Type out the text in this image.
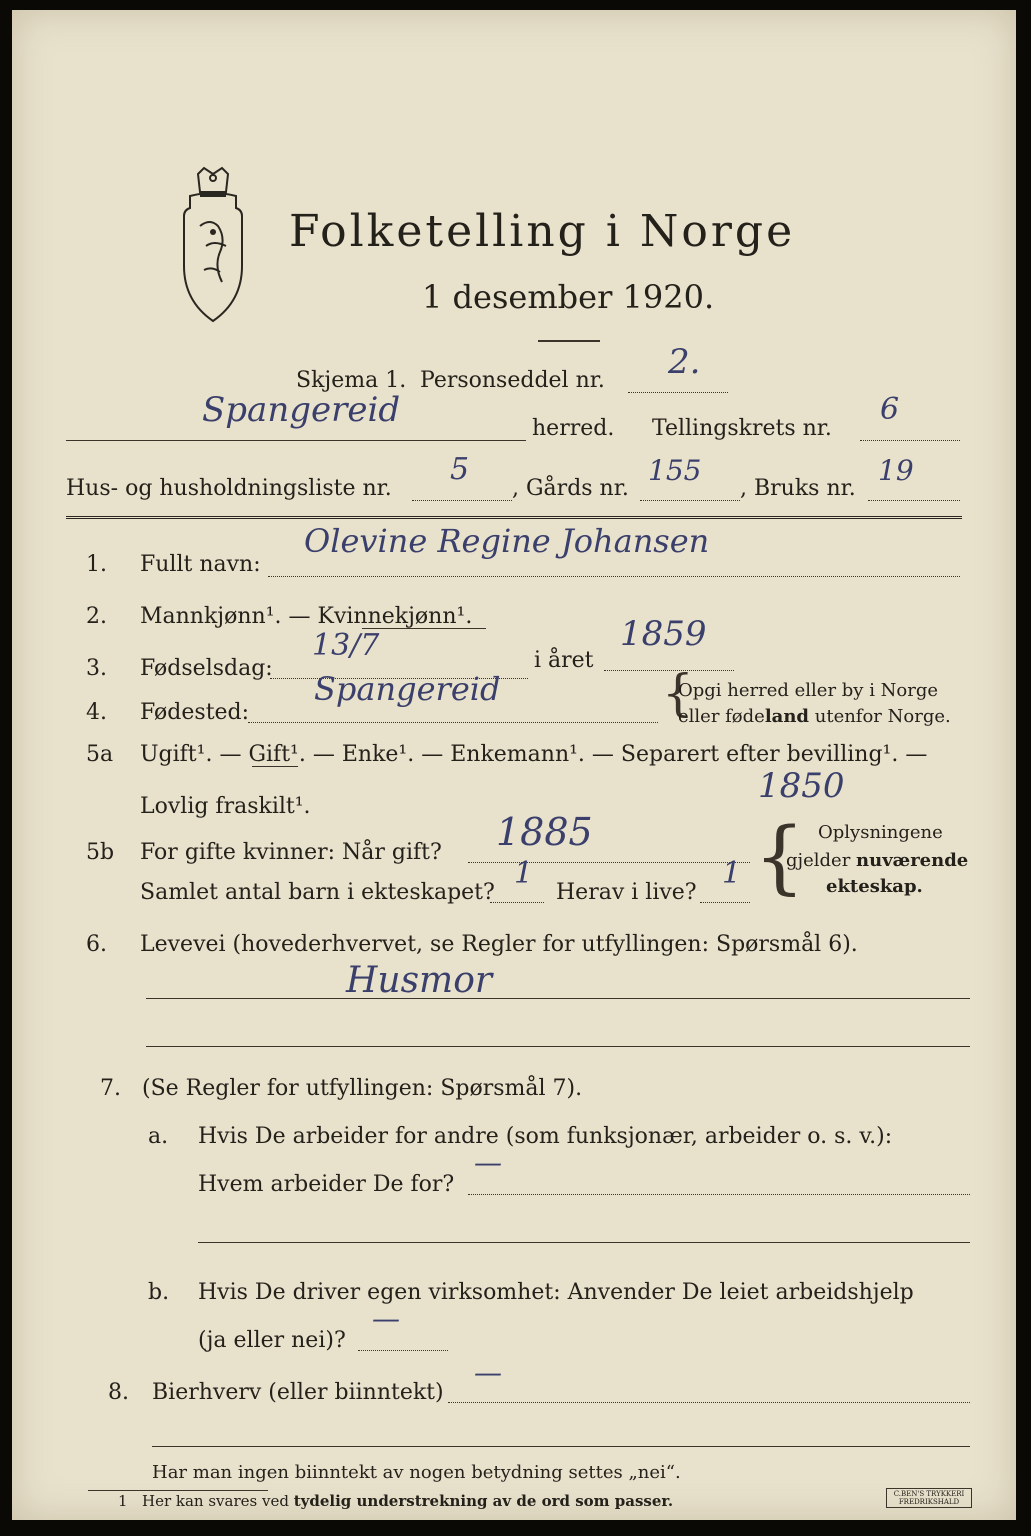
Folketelling i Norge
1 desember 1920.
Skjema 1. Personseddel nr. 2.
Spangereid	herred. Tellingskrets nr.
6
Hus- og husholdningsliste nr.
5
, Gårds nr.
155
, Bruks nr.
19
1. Fullt navn:
Olevine Regine Johansen
2. Mannkjønn¹. — Kvinnekjønn¹.
3. Fødselsdag:
13/7	i året
1859
4. Fødested:
Spangereid	{
Opgi herred eller by i Norge
eller fødeland utenfor Norge.
5a Ugift¹. — Gift¹. — Enke¹. — Enkemann¹. — Separert efter bevilling¹. —
Lovlig fraskilt¹.
1850
5b For gifte kvinner: Når gift? 1885
Samlet antal barn i ekteskapet?
1
Herav i live?
1 { Oplysningene
gjelder nuværende
ekteskap.
6. Levevei (hovederhvervet, se Regler for utfyllingen: Spørsmål 6).
Husmor
7. (Se Regler for utfyllingen: Spørsmål 7).
a. Hvis De arbeider for andre (som funksjonær, arbeider o. s. v.):
Hvem arbeider De for?
—
b. Hvis De driver egen virksomhet: Anvender De leiet arbeidshjelp
(ja eller nei)?
—
8. Bierhverv (eller biinntekt)
—
Har man ingen biinntekt av nogen betydning settes „nei“.
1 Her kan svares ved tydelig understrekning av de ord som passer.	C.BEN'S TRYKKERI
FREDRIKSHALD
